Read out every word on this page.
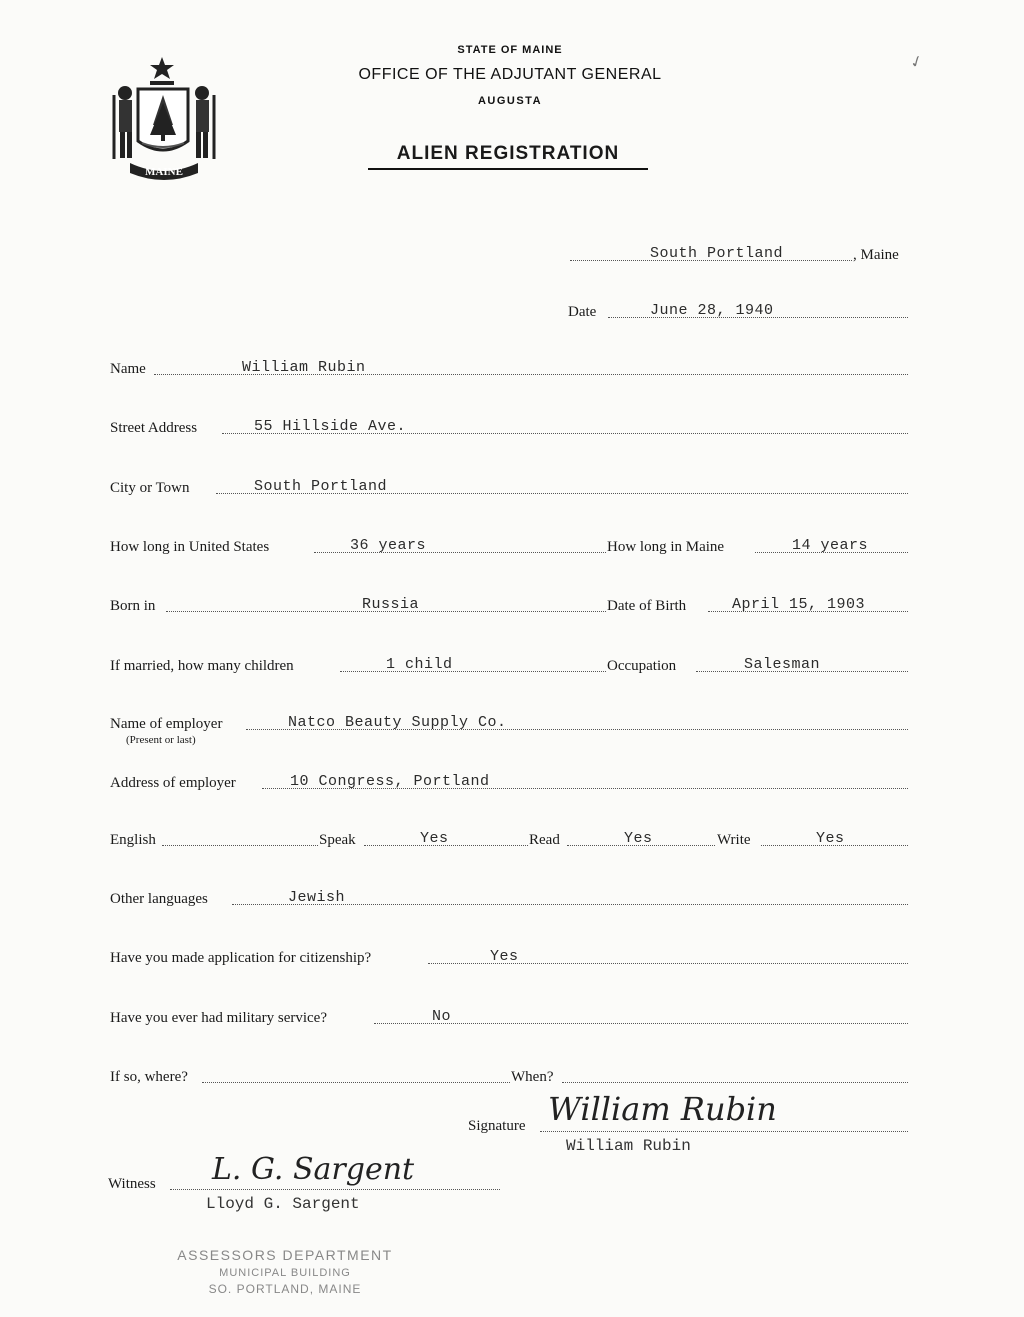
MAINE
STATE OF MAINE
OFFICE OF THE ADJUTANT GENERAL
AUGUSTA
ALIEN REGISTRATION
✓
South Portland	, Maine
Date	June 28, 1940
Name	William Rubin
Street Address	55 Hillside Ave.
City or Town	South Portland
How long in United States	36 years	How long in Maine	14 years
Born in	Russia	Date of Birth	April 15, 1903
If married, how many children	1 child	Occupation	Salesman
Name of employer	Natco Beauty Supply Co.
(Present or last)
Address of employer	10 Congress, Portland
English	Speak	Yes	Read	Yes	Write	Yes
Other languages	Jewish
Have you made application for citizenship?	Yes
Have you ever had military service?	No
If so, where?	When?
Signature William Rubin
William Rubin
Witness L. G. Sargent
Lloyd G. Sargent
ASSESSORS DEPARTMENT
MUNICIPAL BUILDING
SO. PORTLAND, MAINE
